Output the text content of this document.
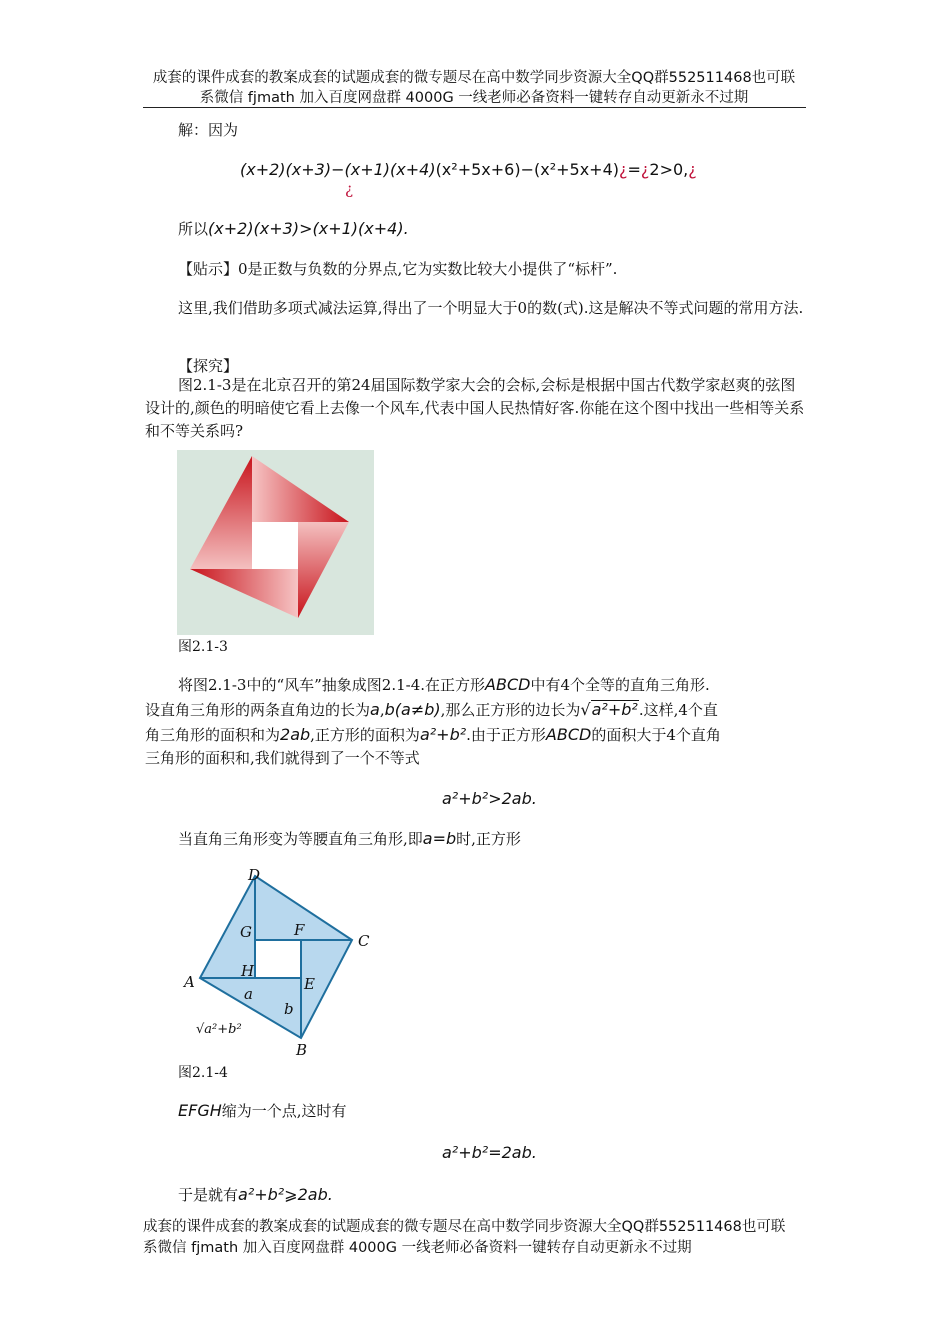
成套的课件成套的教案成套的试题成套的微专题尽在高中数学同步资源大全QQ群552511468也可联
系微信 fjmath 加入百度网盘群 4000G 一线老师必备资料一键转存自动更新永不过期
解：因为
(x+2)(x+3)−(x+1)(x+4)(x²+5x+6)−(x²+5x+4)¿=¿2>0,¿
¿
所以(x+2)(x+3)>(x+1)(x+4).
【贴示】0是正数与负数的分界点,它为实数比较大小提供了“标杆”.
这里,我们借助多项式减法运算,得出了一个明显大于0的数(式).这是解决不等式问题的常用方法.
【探究】
图2.1-3是在北京召开的第24届国际数学家大会的会标,会标是根据中国古代数学家赵爽的弦图设计的,颜色的明暗使它看上去像一个风车,代表中国人民热情好客.你能在这个图中找出一些相等关系和不等关系吗?
图2.1-3
将图2.1-3中的“风车”抽象成图2.1-4.在正方形ABCD中有4个全等的直角三角形.
设直角三角形的两条直角边的长为a,b(a≠b),那么正方形的边长为√a²+b².这样,4个直
角三角形的面积和为2ab,正方形的面积为a²+b².由于正方形ABCD的面积大于4个直角
三角形的面积和,我们就得到了一个不等式
a²+b²>2ab.
当直角三角形变为等腰直角三角形,即a=b时,正方形
D
C
B
A	E
F
G
H
a
b
√a²+b²
图2.1-4
EFGH缩为一个点,这时有
a²+b²=2ab.
于是就有a²+b²⩾2ab.
成套的课件成套的教案成套的试题成套的微专题尽在高中数学同步资源大全QQ群552511468也可联
系微信 fjmath 加入百度网盘群 4000G 一线老师必备资料一键转存自动更新永不过期
